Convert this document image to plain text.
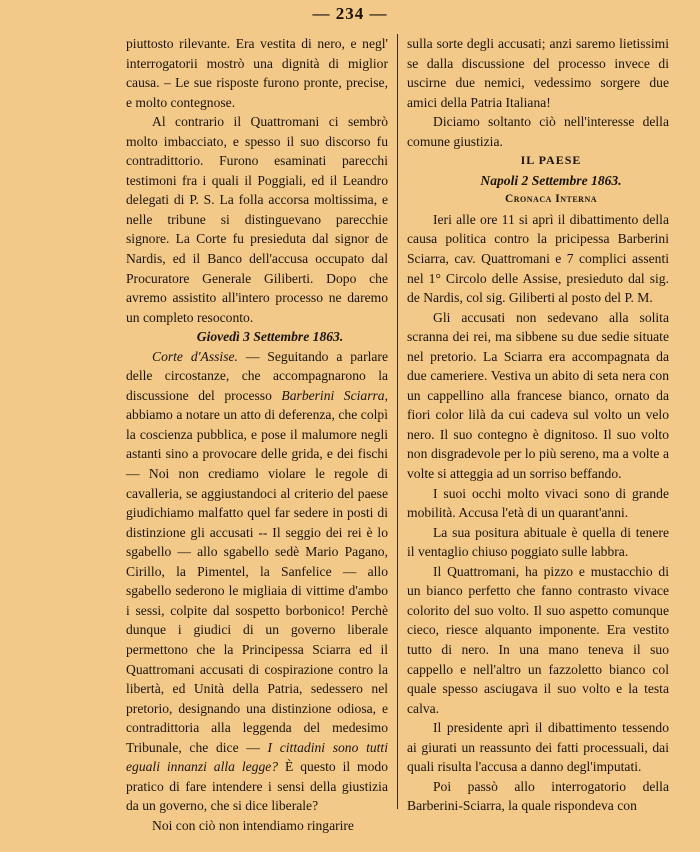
— 234 —

piuttosto rilevante. Era vestita di nero, e negl' interrogatorii mostrò una dignità di miglior causa. – Le sue risposte furono pronte, precise, e molto contegnose.

Al contrario il Quattromani ci sembrò molto imbacciato, e spesso il suo discorso fu contradittorio. Furono esaminati parecchi testimoni fra i quali il Poggiali, ed il Leandro delegati di P. S. La folla accorsa moltissima, e nelle tribune si distinguevano parecchie signore. La Corte fu presieduta dal signor de Nardis, ed il Banco dell'accusa occupato dal Procuratore Generale Giliberti. Dopo che avremo assistito all'intero processo ne daremo un completo resoconto.

Giovedì 3 Settembre 1863.

Corte d'Assise. — Seguitando a parlare delle circostanze, che accompagnarono la discussione del processo Barberini Sciarra, abbiamo a notare un atto di deferenza, che colpì la coscienza pubblica, e pose il malumore negli astanti sino a provocare delle grida, e dei fischi — Noi non crediamo violare le regole di cavalleria, se aggiustandoci al criterio del paese giudichiamo malfatto quel far sedere in posti di distinzione gli accusati -- Il seggio dei rei è lo sgabello — allo sgabello sedè Mario Pagano, Cirillo, la Pimentel, la Sanfelice — allo sgabello sederono le migliaia di vittime d'ambo i sessi, colpite dal sospetto borbonico! Perchè dunque i giudici di un governo liberale permettono che la Principessa Sciarra ed il Quattromani accusati di cospirazione contro la libertà, ed Unità della Patria, sedessero nel pretorio, designando una distinzione odiosa, e contradittoria alla leggenda del medesimo Tribunale, che dice — I cittadini sono tutti eguali innanzi alla legge? È questo il modo pratico di fare intendere i sensi della giustizia da un governo, che si dice liberale?

Noi con ciò non intendiamo ringarire

sulla sorte degli accusati; anzi saremo lietissimi se dalla discussione del processo invece di uscirne due nemici, vedessimo sorgere due amici della Patria Italiana!

Diciamo soltanto ciò nell'interesse della comune giustizia.

IL PAESE

Napoli 2 Settembre 1863.

Cronaca Interna

Ieri alle ore 11 si aprì il dibattimento della causa politica contro la pricipessa Barberini Sciarra, cav. Quattromani e 7 complici assenti nel 1° Circolo delle Assise, presieduto dal sig. de Nardis, col sig. Giliberti al posto del P. M.

Gli accusati non sedevano alla solita scranna dei rei, ma sibbene su due sedie situate nel pretorio. La Sciarra era accompagnata da due cameriere. Vestiva un abito di seta nera con un cappellino alla francese bianco, ornato da fiori color lilà da cui cadeva sul volto un velo nero. Il suo contegno è dignitoso. Il suo volto non disgradevole per lo più sereno, ma a volte a volte si atteggia ad un sorriso beffando.

I suoi occhi molto vivaci sono di grande mobilità. Accusa l'età di un quarant'anni.

La sua positura abituale è quella di tenere il ventaglio chiuso poggiato sulle labbra.

Il Quattromani, ha pizzo e mustacchio di un bianco perfetto che fanno contrasto vivace colorito del suo volto. Il suo aspetto comunque cieco, riesce alquanto imponente. Era vestito tutto di nero. In una mano teneva il suo cappello e nell'altro un fazzoletto bianco col quale spesso asciugava il suo volto e la testa calva.

Il presidente aprì il dibattimento tessendo ai giurati un reassunto dei fatti processuali, dai quali risulta l'accusa a danno degl'imputati.

Poi passò allo interrogatorio della Barberini-Sciarra, la quale rispondeva con
